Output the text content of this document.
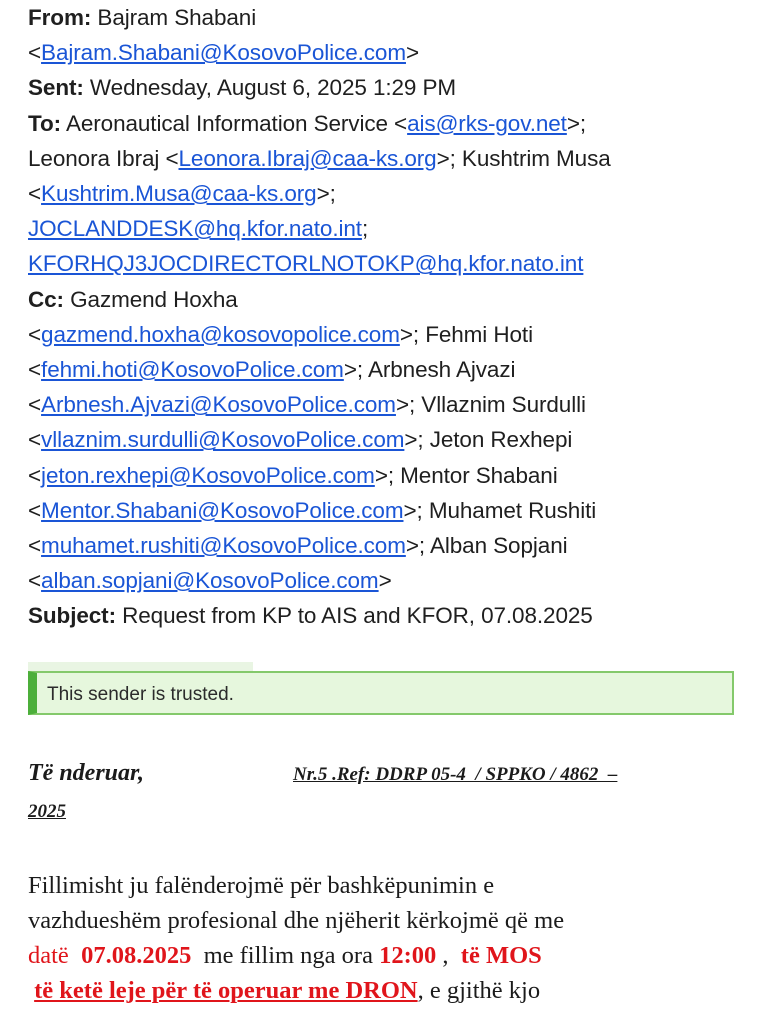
From: Bajram Shabani
<Bajram.Shabani@KosovoPolice.com>
Sent: Wednesday, August 6, 2025 1:29 PM
To: Aeronautical Information Service <ais@rks-gov.net>;
Leonora Ibraj <Leonora.Ibraj@caa-ks.org>; Kushtrim Musa
<Kushtrim.Musa@caa-ks.org>;
JOCLANDDESK@hq.kfor.nato.int;
KFORHQJ3JOCDIRECTORLNOTOKP@hq.kfor.nato.int
Cc: Gazmend Hoxha
<gazmend.hoxha@kosovopolice.com>; Fehmi Hoti
<fehmi.hoti@KosovoPolice.com>; Arbnesh Ajvazi
<Arbnesh.Ajvazi@KosovoPolice.com>; Vllaznim Surdulli
<vllaznim.surdulli@KosovoPolice.com>; Jeton Rexhepi
<jeton.rexhepi@KosovoPolice.com>; Mentor Shabani
<Mentor.Shabani@KosovoPolice.com>; Muhamet Rushiti
<muhamet.rushiti@KosovoPolice.com>; Alban Sopjani
<alban.sopjani@KosovoPolice.com>
Subject: Request from KP to AIS and KFOR, 07.08.2025
This sender is trusted.
Të nderuar,	Nr.5 .Ref: DDRP 05-4  / SPPKO / 4862  –
2025
Fillimisht ju falënderojmë për bashkëpunimin e
vazhdueshëm profesional dhe njëherit kërkojmë që me
datë 07.08.2025 me fillim nga ora 12:00 , të MOS
të ketë leje për të operuar me DRON, e gjithë kjo
